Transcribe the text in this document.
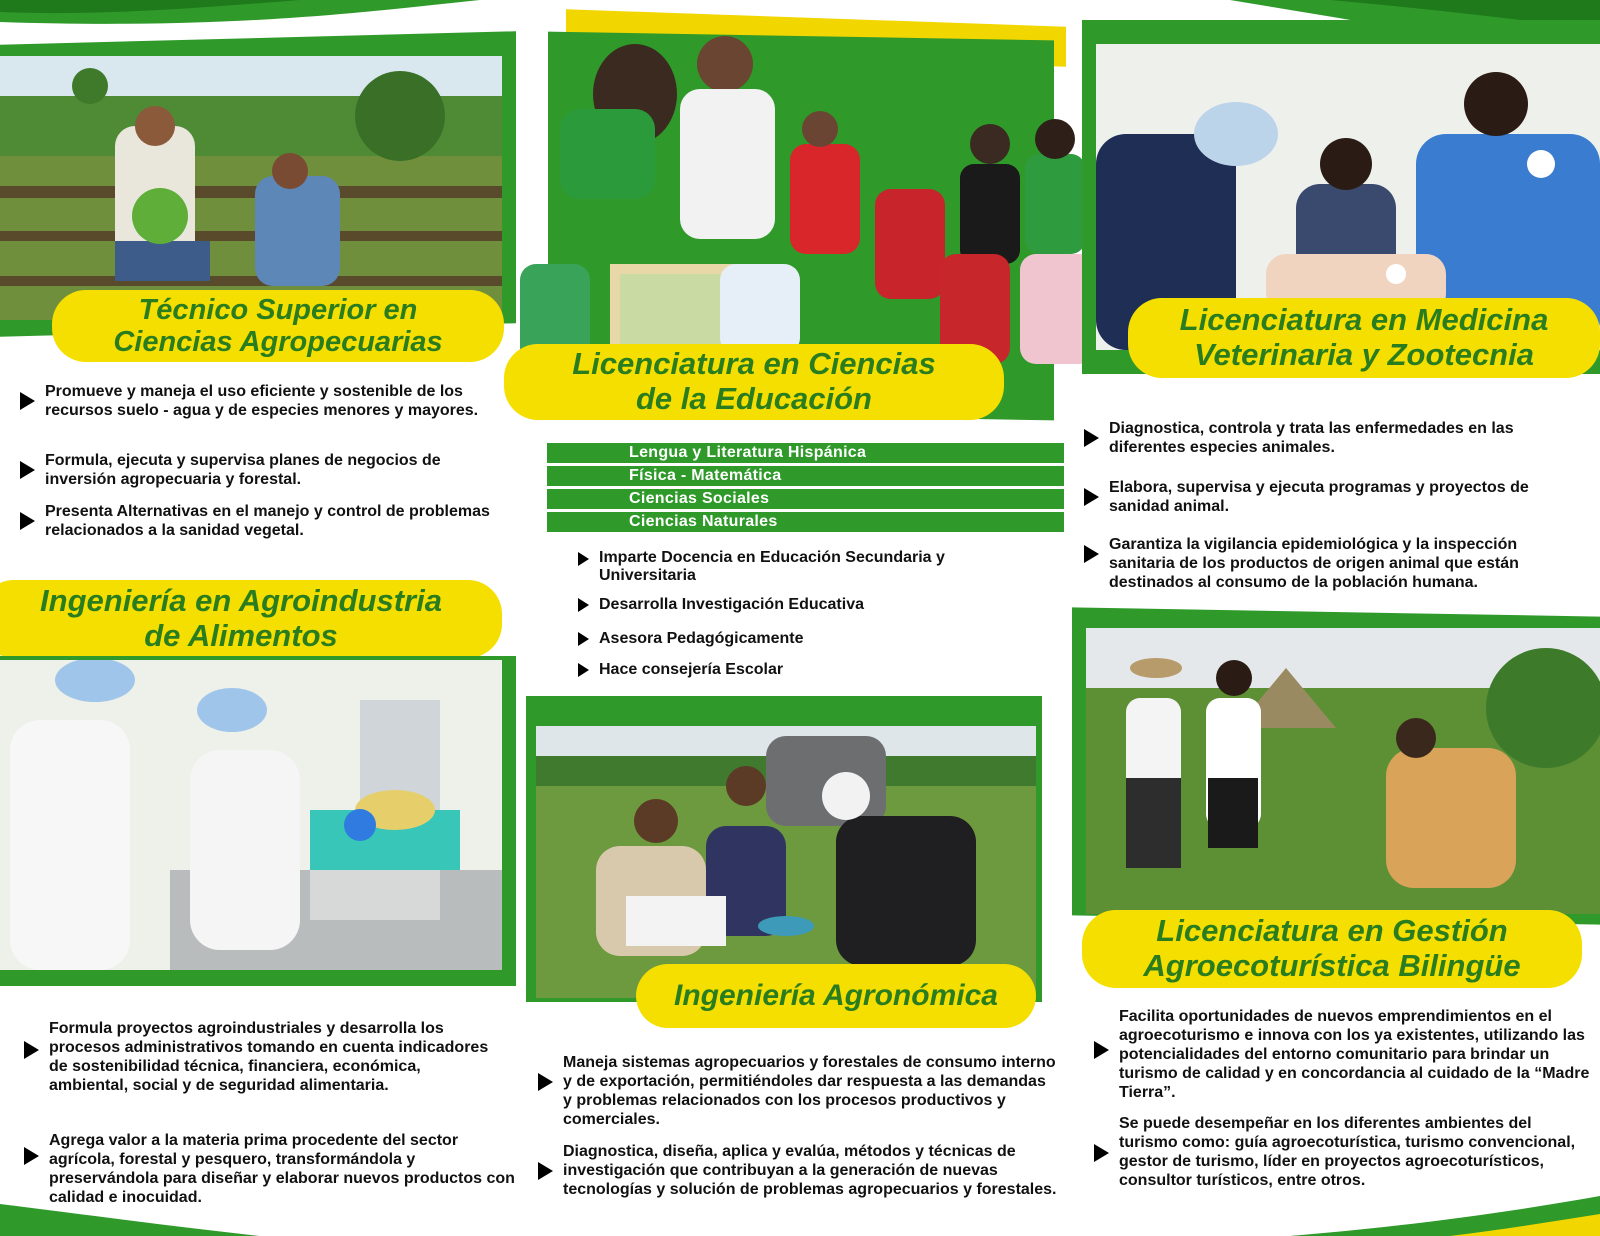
Técnico Superior en
Ciencias Agropecuarias
Promueve y maneja el uso eficiente y sostenible de los recursos suelo - agua y de especies menores y mayores.
Formula, ejecuta y supervisa planes de negocios de inversión agropecuaria y forestal.
Presenta Alternativas en el manejo y control de problemas relacionados a la sanidad vegetal.
Licenciatura en Ciencias
de la Educación
Lengua y Literatura Hispánica
Física - Matemática
Ciencias Sociales
Ciencias Naturales
Imparte Docencia en Educación Secundaria y Universitaria
Desarrolla Investigación Educativa
Asesora Pedagógicamente
Hace consejería Escolar
Licenciatura en Medicina
Veterinaria y Zootecnia
Diagnostica, controla y trata las enfermedades en las diferentes especies animales.
Elabora, supervisa y ejecuta programas y proyectos de sanidad animal.
Garantiza la vigilancia epidemiológica y la inspección sanitaria de los productos de origen animal que están destinados al consumo de la población humana.
Ingeniería en Agroindustria
de Alimentos
Formula proyectos agroindustriales y desarrolla los procesos administrativos tomando en cuenta indicadores de sostenibilidad técnica, financiera, económica, ambiental, social y de seguridad alimentaria.
Agrega valor a la materia prima procedente del sector agrícola, forestal y pesquero, transformándola y preservándola para diseñar y elaborar nuevos productos con calidad e inocuidad.
Ingeniería Agronómica
Maneja sistemas agropecuarios y forestales de consumo interno y de exportación, permitiéndoles dar respuesta a las demandas y problemas relacionados con los procesos productivos y comerciales.
Diagnostica, diseña, aplica y evalúa, métodos y técnicas de investigación que contribuyan a la generación de nuevas tecnologías y solución de problemas agropecuarios y forestales.
Licenciatura en Gestión
Agroecoturística Bilingüe
Facilita oportunidades de nuevos emprendimientos en el agroecoturismo e innova con los ya existentes, utilizando las potencialidades del entorno comunitario para brindar un turismo de calidad y en concordancia al cuidado de la “Madre Tierra”.
Se puede desempeñar en los diferentes ambientes del turismo como: guía agroecoturística, turismo convencional, gestor de turismo, líder en proyectos agroecoturísticos, consultor turísticos, entre otros.
